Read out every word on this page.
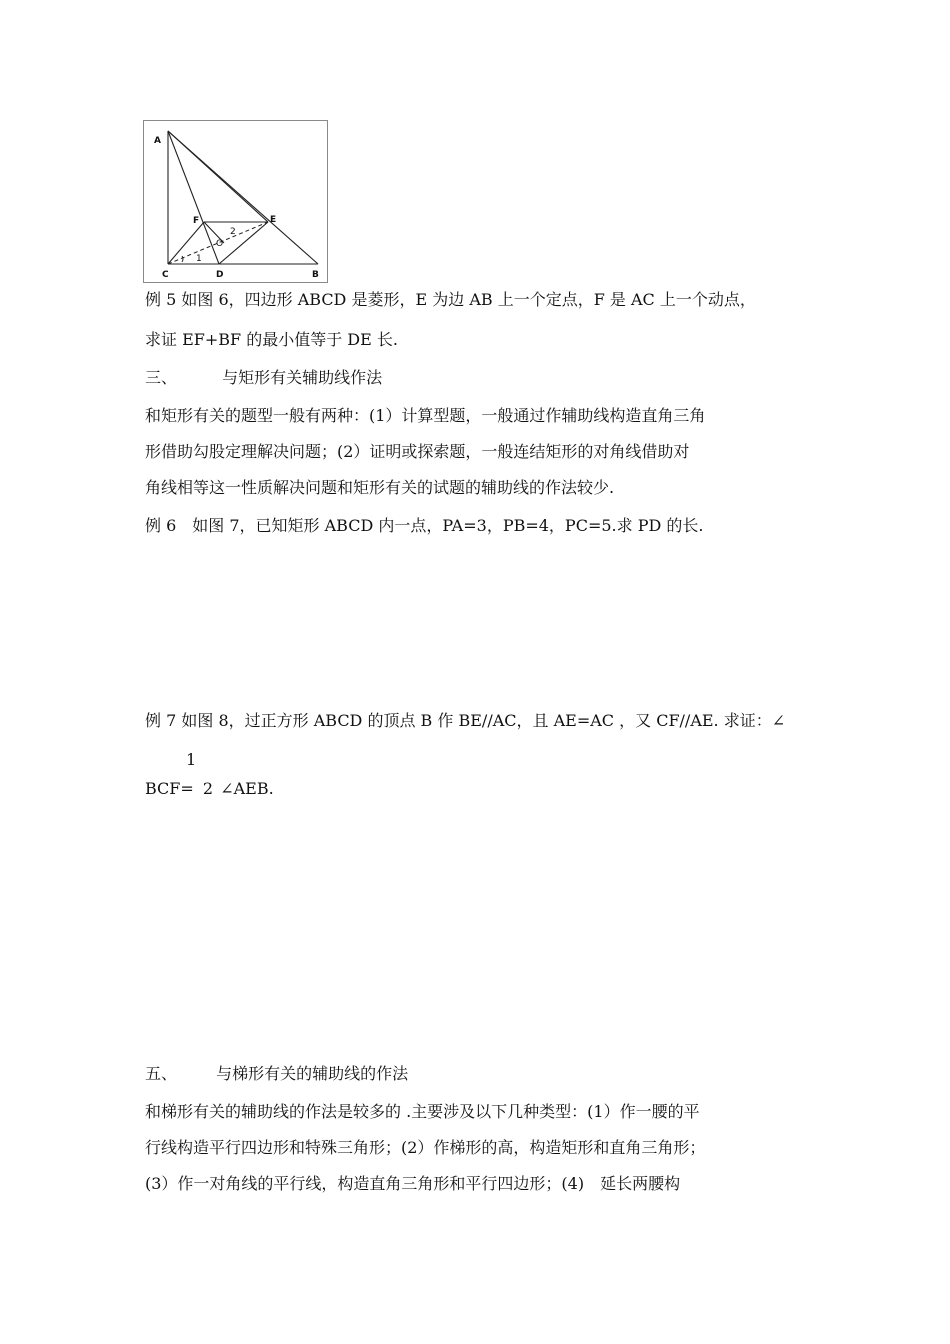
A
F	E
2
O
1
C	D	B
例 5 如图 6，四边形 ABCD 是菱形，E 为边 AB 上一个定点，F 是 AC 上一个动点，
求证 EF+BF 的最小值等于 DE 长.
三、	与矩形有关辅助线作法
和矩形有关的题型一般有两种：(1）计算型题，一般通过作辅助线构造直角三角
形借助勾股定理解决问题；(2）证明或探索题，一般连结矩形的对角线借助对
角线相等这一性质解决问题和矩形有关的试题的辅助线的作法较少.
例 6　如图 7，已知矩形 ABCD 内一点，PA=3，PB=4，PC=5.求 PD 的长.
例 7 如图 8，过正方形 ABCD 的顶点 B 作 BE//AC，且 AE=AC ，又 CF//AE. 求证：∠
1
BCF= 2 ∠AEB.
五、 与梯形有关的辅助线的作法
和梯形有关的辅助线的作法是较多的 .主要涉及以下几种类型：(1）作一腰的平
行线构造平行四边形和特殊三角形；(2）作梯形的高，构造矩形和直角三角形；
(3）作一对角线的平行线，构造直角三角形和平行四边形；(4)　延长两腰构
